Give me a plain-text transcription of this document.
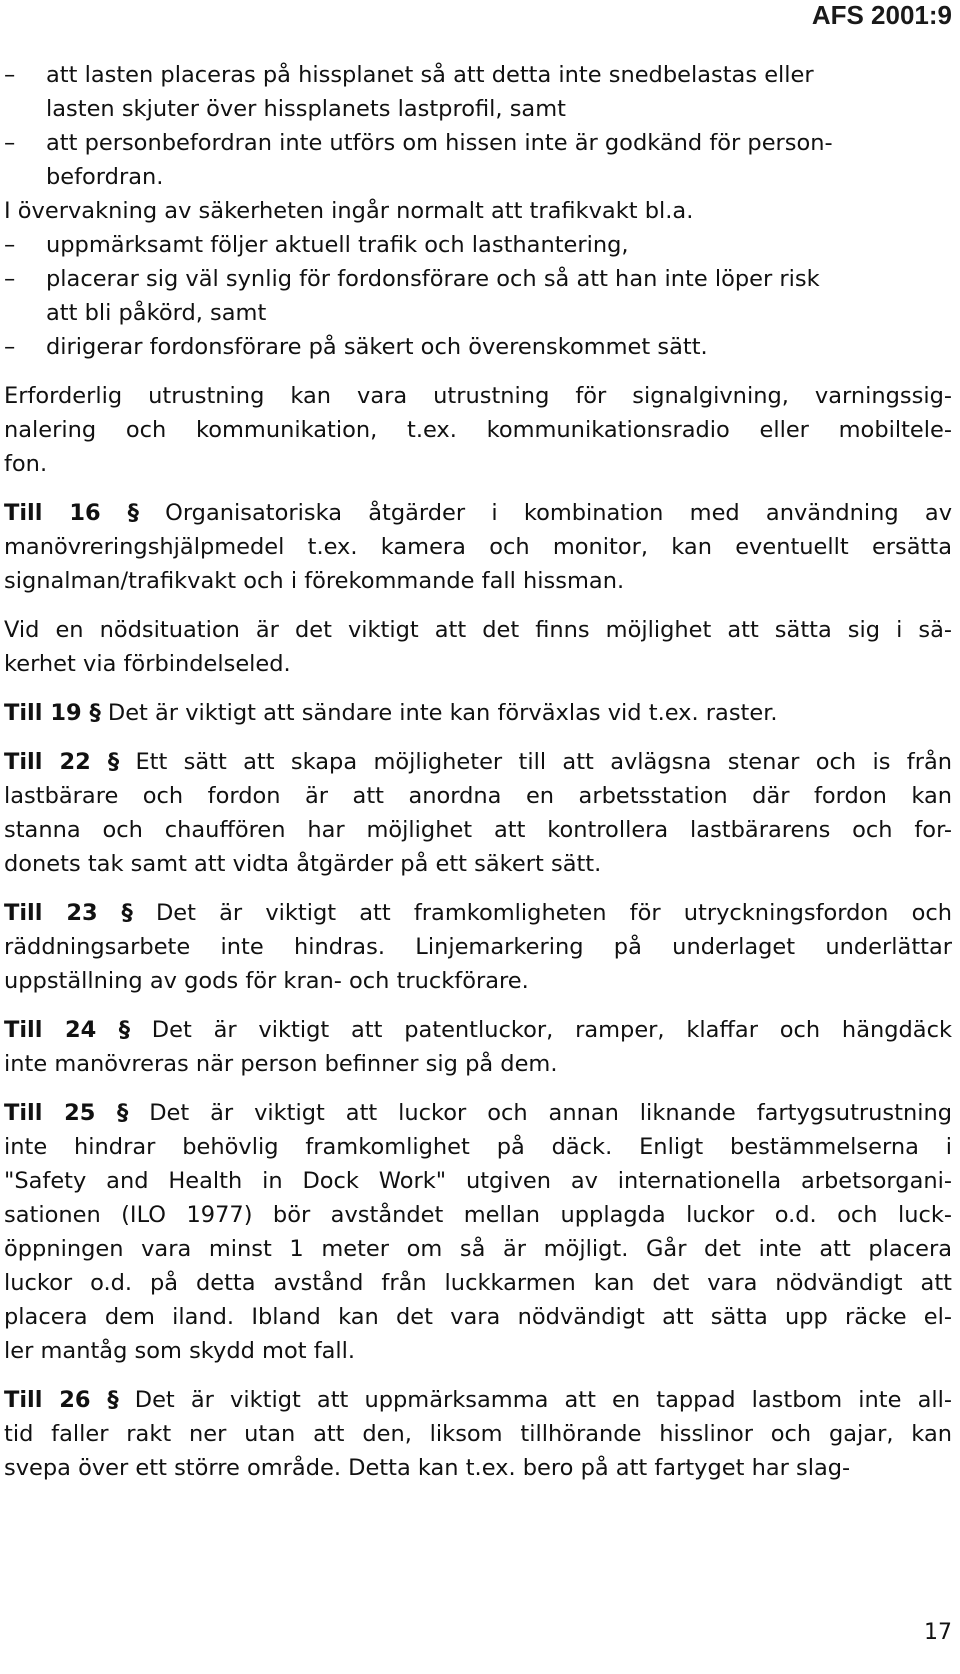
AFS 2001:9
– att lasten placeras på hissplanet så att detta inte snedbelastas eller
lasten skjuter över hissplanets lastprofil, samt
– att personbefordran inte utförs om hissen inte är godkänd för person-
befordran.
I övervakning av säkerheten ingår normalt att trafikvakt bl.a.
– uppmärksamt följer aktuell trafik och lasthantering,
– placerar sig väl synlig för fordonsförare och så att han inte löper risk
att bli påkörd, samt
– dirigerar fordonsförare på säkert och överenskommet sätt.
Erforderlig utrustning kan vara utrustning för signalgivning, varningssig-
nalering och kommunikation, t.ex. kommunikationsradio eller mobiltele-
fon.
Till 16 § Organisatoriska åtgärder i kombination med användning av
manövreringshjälpmedel t.ex. kamera och monitor, kan eventuellt ersätta
signalman/trafikvakt och i förekommande fall hissman.
Vid en nödsituation är det viktigt att det finns möjlighet att sätta sig i sä-
kerhet via förbindelseled.
Till 19 § Det är viktigt att sändare inte kan förväxlas vid t.ex. raster.
Till 22 § Ett sätt att skapa möjligheter till att avlägsna stenar och is från
lastbärare och fordon är att anordna en arbetsstation där fordon kan
stanna och chauffören har möjlighet att kontrollera lastbärarens och for-
donets tak samt att vidta åtgärder på ett säkert sätt.
Till 23 § Det är viktigt att framkomligheten för utryckningsfordon och
räddningsarbete inte hindras. Linjemarkering på underlaget underlättar
uppställning av gods för kran- och truckförare.
Till 24 § Det är viktigt att patentluckor, ramper, klaffar och hängdäck
inte manövreras när person befinner sig på dem.
Till 25 § Det är viktigt att luckor och annan liknande fartygsutrustning
inte hindrar behövlig framkomlighet på däck. Enligt bestämmelserna i
"Safety and Health in Dock Work" utgiven av internationella arbetsorgani-
sationen (ILO 1977) bör avståndet mellan upplagda luckor o.d. och luck-
öppningen vara minst 1 meter om så är möjligt. Går det inte att placera
luckor o.d. på detta avstånd från luckkarmen kan det vara nödvändigt att
placera dem iland. Ibland kan det vara nödvändigt att sätta upp räcke el-
ler mantåg som skydd mot fall.
Till 26 § Det är viktigt att uppmärksamma att en tappad lastbom inte all-
tid faller rakt ner utan att den, liksom tillhörande hisslinor och gajar, kan
svepa över ett större område. Detta kan t.ex. bero på att fartyget har slag-
17
